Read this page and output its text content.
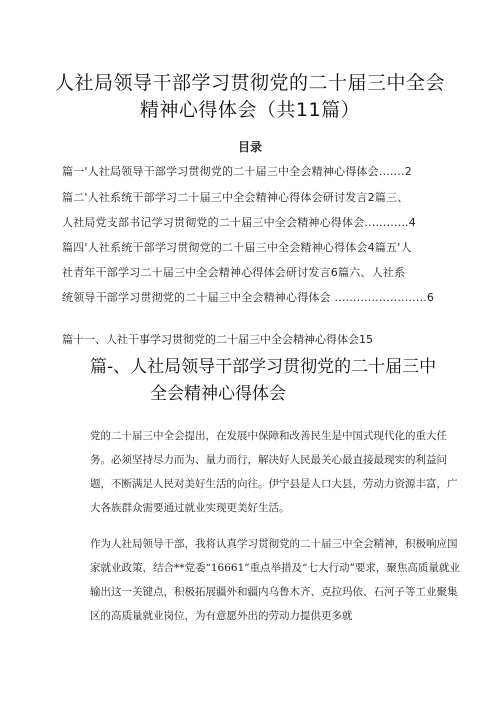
人社局领导干部学习贯彻党的二十届三中全会
精神心得体会（共11篇）
目录
篇一'人社局领导干部学习贯彻党的二十届三中全会精神心得体会.......2
篇二'人社系统干部学习二十届三中全会精神心得体会研讨发言2篇三、
人社局党支部书记学习贯彻党的二十届三中全会精神心得体会............4
篇四'人社系统干部学习贯彻党的二十届三中全会精神心得体会4篇五'人
社青年干部学习二十届三中全会精神心得体会研讨发言6篇六、人社系
统领导干部学习贯彻党的二十届三中全会精神心得体会 .........................6
篇十一、人社干事学习贯彻党的二十届三中全会精神心得体会15
篇-、人社局领导干部学习贯彻党的二十届三中
全会精神心得体会
党的二十届三中全会提出，在发展中保障和改善民生是中国式现代化的重大任务。必须坚持尽力而为、量力而行，解决好人民最关心最直接最现实的利益问题，不断满足人民对美好生活的向往。伊宁县是人口大县，劳动力资源丰富，广大各族群众需要通过就业实现更美好生活。
作为人社局领导干部，我将认真学习贯彻党的二十届三中全会精神，积极响应国家就业政策，结合**党委“16661”重点举措及“七大行动”要求，聚焦高质量就业输出这一关键点，积极拓展疆外和疆内乌鲁木齐、克拉玛依、石河子等工业聚集区的高质量就业岗位，为有意愿外出的劳动力提供更多就
